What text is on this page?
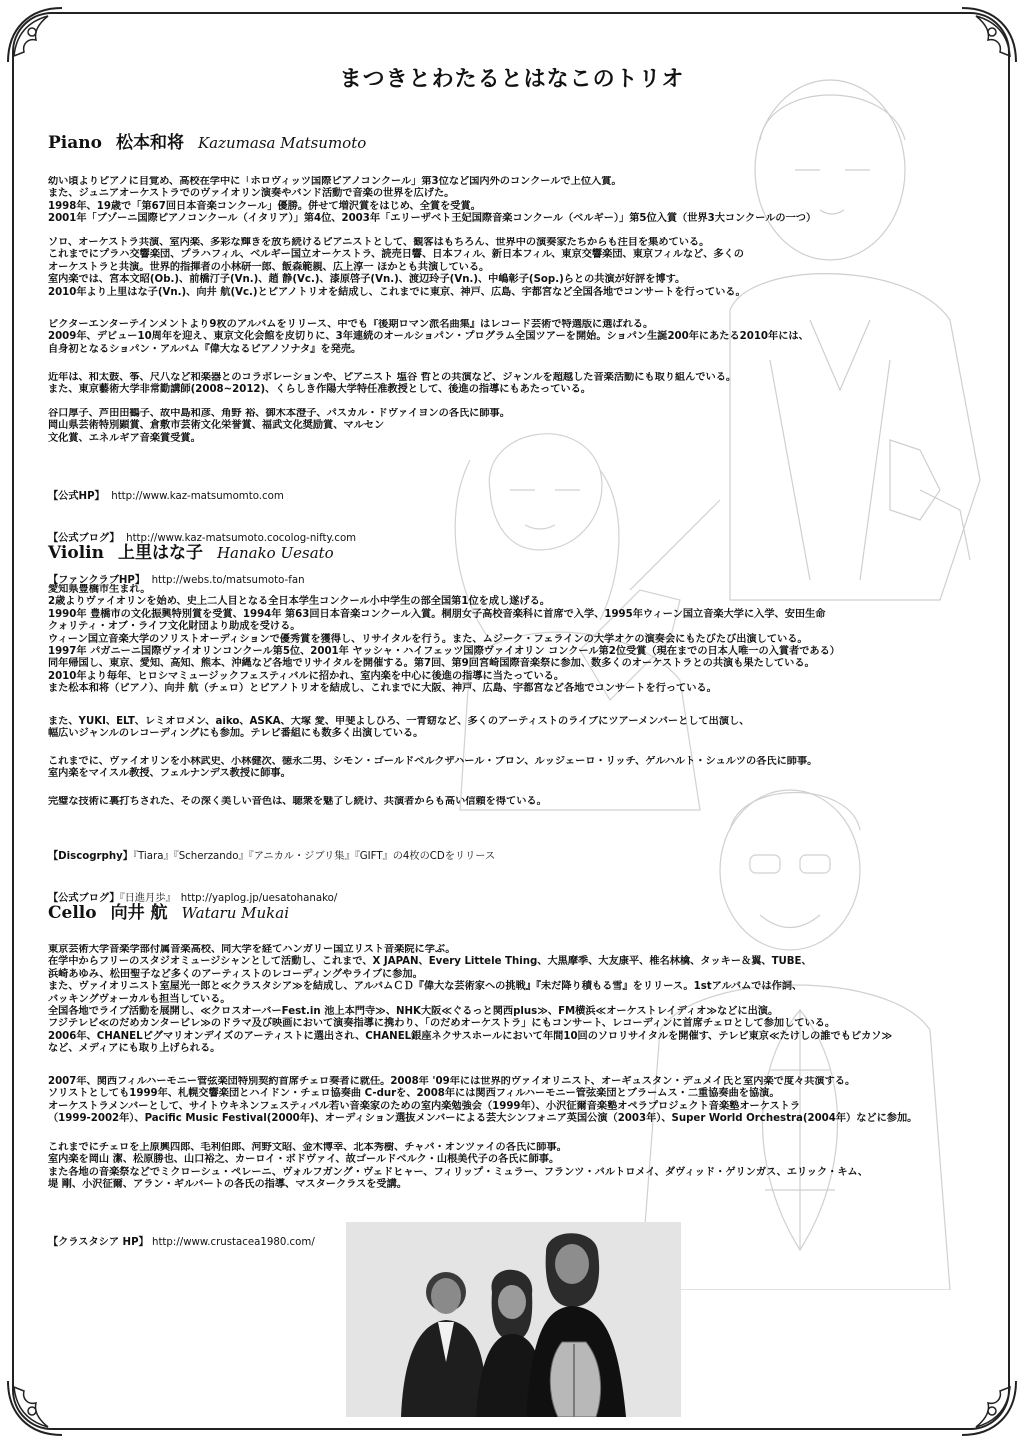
まつきとわたるとはなこのトリオ
Piano 松本和将 Kazumasa Matsumoto
幼い頃よりピアノに目覚め、高校在学中に「ホロヴィッツ国際ピアノコンクール」第3位など国内外のコンクールで上位入賞。
また、ジュニアオーケストラでのヴァイオリン演奏やバンド活動で音楽の世界を広げた。
1998年、19歳で「第67回日本音楽コンクール」優勝。併せて増沢賞をはじめ、全賞を受賞。
2001年「ブゾーニ国際ピアノコンクール（イタリア）」第4位、2003年「エリーザベト王妃国際音楽コンクール（ベルギー）」第5位入賞（世界3大コンクールの一つ）
ソロ、オーケストラ共演、室内楽、多彩な輝きを放ち続けるピアニストとして、観客はもちろん、世界中の演奏家たちからも注目を集めている。
これまでにプラハ交響楽団、プラハフィル、ベルギー国立オーケストラ、読売日響、日本フィル、新日本フィル、東京交響楽団、東京フィルなど、多くの
オーケストラと共演。世界的指揮者の小林研一郎、飯森範親、広上淳一 ほかとも共演している。
室内楽では、宮本文昭(Ob.)、前橋汀子(Vn.)、趙 静(Vc.)、漆原啓子(Vn.)、渡辺玲子(Vn.)、中嶋彰子(Sop.)らとの共演が好評を博す。
2010年より上里はな子(Vn.)、向井 航(Vc.)とピアノトリオを結成し、これまでに東京、神戸、広島、宇都宮など全国各地でコンサートを行っている。
ビクターエンターテインメントより9枚のアルバムをリリース、中でも『後期ロマン派名曲集』はレコード芸術で特選版に選ばれる。
2009年、デビュー10周年を迎え、東京文化会館を皮切りに、3年連続のオールショパン・プログラム全国ツアーを開始。ショパン生誕200年にあたる2010年には、
自身初となるショパン・アルバム『偉大なるピアノソナタ』を発売。
近年は、和太鼓、筝、尺八など和楽器とのコラボレーションや、ピアニスト 塩谷 哲との共演など、ジャンルを超越した音楽活動にも取り組んでいる。
また、東京藝術大学非常勤講師(2008~2012)、くらしき作陽大学特任准教授として、後進の指導にもあたっている。
谷口厚子、芦田田鶴子、故中島和彦、角野 裕、御木本澄子、パスカル・ドヴァイヨンの各氏に師事。
岡山県芸術特別顕賞、倉敷市芸術文化栄誉賞、福武文化奨励賞、マルセン
文化賞、エネルギア音楽賞受賞。

【公式HP】 http://www.kaz-matsumomto.com

【公式ブログ】 http://www.kaz-matsumoto.cocolog-nifty.com

【ファンクラブHP】 http://webs.to/matsumoto-fan

Violin 上里はな子 Hanako Uesato
愛知県豊橋市生まれ。
2歳よりヴァイオリンを始め、史上二人目となる全日本学生コンクール小中学生の部全国第1位を成し遂げる。
1990年 豊橋市の文化振興特別賞を受賞、1994年 第63回日本音楽コンクール入賞。桐朋女子高校音楽科に首席で入学、1995年ウィーン国立音楽大学に入学、安田生命
クォリティ・オブ・ライフ文化財団より助成を受ける。
ウィーン国立音楽大学のソリストオーディションで優秀賞を獲得し、リサイタルを行う。また、ムジーク・フェラインの大学オケの演奏会にもたびたび出演している。
1997年 パガニーニ国際ヴァイオリンコンクール第5位、2001年 ヤッシャ・ハイフェッツ国際ヴァイオリン コンクール第2位受賞（現在までの日本人唯一の入賞者である）
同年帰国し、東京、愛知、高知、熊本、沖縄など各地でリサイタルを開催する。第7回、第9回宮崎国際音楽祭に参加、数多くのオーケストラとの共演も果たしている。
2010年より毎年、ヒロシマミュージックフェスティバルに招かれ、室内楽を中心に後進の指導に当たっている。
また松本和将（ピアノ）、向井 航（チェロ）とピアノトリオを結成し、これまでに大阪、神戸、広島、宇都宮など各地でコンサートを行っている。
また、YUKI、ELT、レミオロメン、aiko、ASKA、大塚 愛、甲斐よしひろ、一青窈など、多くのアーティストのライブにツアーメンバーとして出演し、
幅広いジャンルのレコーディングにも参加。テレビ番組にも数多く出演している。
これまでに、ヴァイオリンを小林武史、小林健次、徳永二男、シモン・ゴールドベルクザハール・ブロン、ルッジェーロ・リッチ、ゲルハルト・シュルツの各氏に師事。
室内楽をマイスル教授、フェルナンデス教授に師事。
完璧な技術に裏打ちされた、その深く美しい音色は、聴衆を魅了し続け、共演者からも高い信頼を得ている。

【Discogrphy】『Tiara』『Scherzando』『アニカル・ジブリ集』『GIFT』の4枚のCDをリリース

【公式ブログ】『日進月歩』　http://yaplog.jp/uesatohanako/

Cello 向井 航 Wataru Mukai
東京芸術大学音楽学部付属音楽高校、同大学を経てハンガリー国立リスト音楽院に学ぶ。
在学中からフリーのスタジオミュージシャンとして活動し、これまで、X JAPAN、Every Littele Thing、大黒摩季、大友康平、椎名林檎、タッキー＆翼、TUBE、
浜崎あゆみ、松田聖子など多くのアーティストのレコーディングやライブに参加。
また、ヴァイオリニスト室屋光一郎と≪クラスタシア≫を結成し、アルバムＣＤ『偉大な芸術家への挑戦』『未だ降り積もる雪』をリリース。1stアルバムでは作詞、
バッキングヴォーカルも担当している。
全国各地でライブ活動を展開し、≪クロスオーバーFest.in 池上本門寺≫、NHK大阪≪ぐるっと関西plus≫、FM横浜≪オーケストレイディオ≫などに出演。
フジテレビ≪のだめカンタービレ≫のドラマ及び映画において演奏指導に携わり、「のだめオーケストラ」にもコンサート、レコーディンに首席チェロとして参加している。
2006年、CHANELピグマリオンデイズのアーティストに選出され、CHANEL銀座ネクサスホールにおいて年間10回のソロリサイタルを開催す、テレビ東京≪たけしの誰でもピカソ≫
など、メディアにも取り上げられる。
2007年、関西フィルハーモニー管弦楽団特別契約首席チェロ奏者に就任。2008年 '09年には世界的ヴァイオリニスト、オーギュスタン・デュメイ氏と室内楽で度々共演する。
ソリストとしても1999年、札幌交響楽団とハイドン・チェロ協奏曲 C-durを、2008年には関西フィルハーモニー管弦楽団とブラームス・二重協奏曲を協演。
オーケストラメンバーとして、サイトウキネンフェスティバル若い音楽家のための室内楽勉強会（1999年）、小沢征爾音楽塾オペラプロジェクト音楽塾オーケストラ
（1999-2002年）、Pacific Music Festival(2000年)、オーディション選抜メンバーによる芸大シンフォニア英国公演（2003年）、Super World Orchestra(2004年）などに参加。
これまでにチェロを上原興四郎、毛利伯郎、河野文昭、金木博幸、北本秀樹、チャバ・オンツァイの各氏に師事。
室内楽を岡山 潔、松原勝也、山口裕之、カーロイ・ボドヴァイ、故ゴールドベルク・山根美代子の各氏に師事。
また各地の音楽祭などでミクローシュ・ペレーニ、ヴォルフガング・ヴェドヒャー、フィリップ・ミュラー、フランツ・バルトロメイ、ダヴィッド・ゲリンガス、エリック・キム、
堤 剛、小沢征爾、アラン・ギルバートの各氏の指導、マスタークラスを受講。

【クラスタシア HP】 http://www.crustacea1980.com/
